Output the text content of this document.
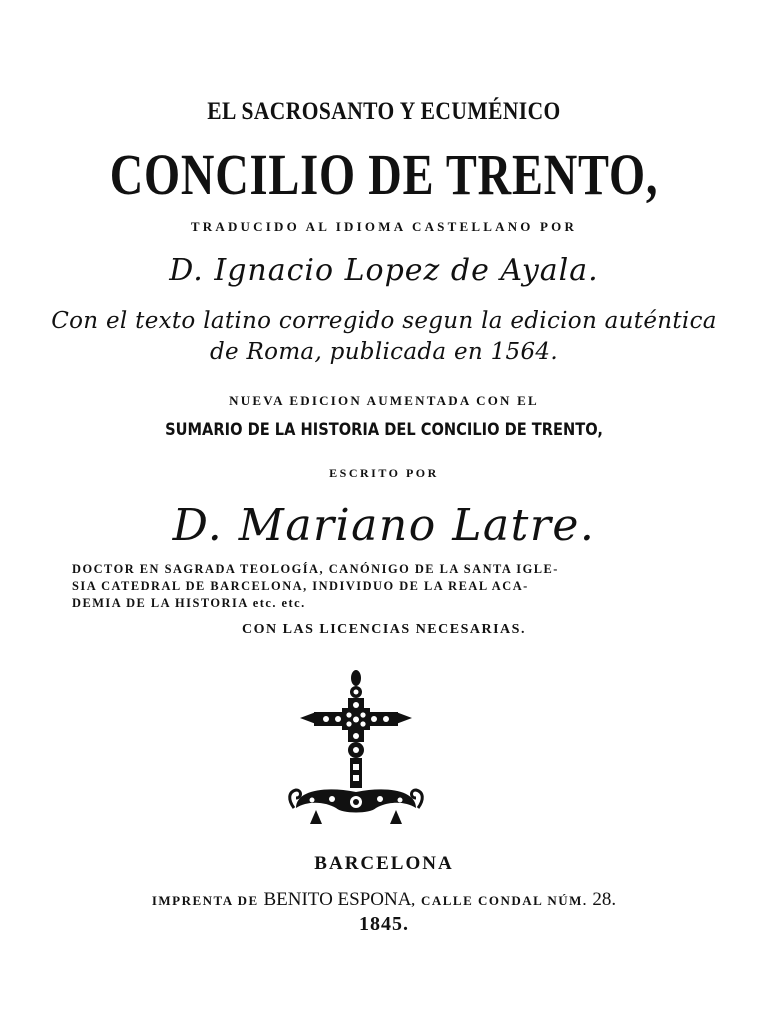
EL SACROSANTO Y ECUMÉNICO
CONCILIO DE TRENTO,
TRADUCIDO AL IDIOMA CASTELLANO POR
D. Ignacio Lopez de Ayala.
Con el texto latino corregido segun la edicion auténtica
de Roma, publicada en 1564.
NUEVA EDICION AUMENTADA CON EL
SUMARIO DE LA HISTORIA DEL CONCILIO DE TRENTO,
ESCRITO POR
D. Mariano Latre.
DOCTOR EN SAGRADA TEOLOGÍA, CANÓNIGO DE LA SANTA IGLE-
SIA CATEDRAL DE BARCELONA, INDIVIDUO DE LA REAL ACA-
DEMIA DE LA HISTORIA etc. etc.
CON LAS LICENCIAS NECESARIAS.
BARCELONA
IMPRENTA DE BENITO ESPONA, CALLE CONDAL NÚM. 28.
1845.
